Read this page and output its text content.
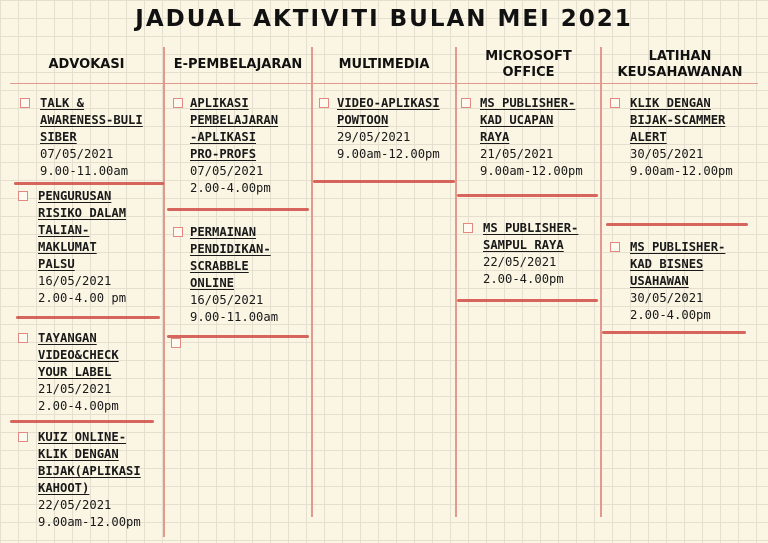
JADUAL AKTIVITI BULAN MEI 2021
ADVOKASI
TALK &
AWARENESS-BULI
SIBER
07/05/2021
9.00-11.00am
PENGURUSAN
RISIKO DALAM
TALIAN-
MAKLUMAT
PALSU
16/05/2021
2.00-4.00 pm
TAYANGAN
VIDEO&CHECK
YOUR LABEL
21/05/2021
2.00-4.00pm
KUIZ ONLINE-
KLIK DENGAN
BIJAK(APLIKASI
KAHOOT)
22/05/2021
9.00am-12.00pm
E-PEMBELAJARAN
APLIKASI
PEMBELAJARAN
-APLIKASI
PRO-PROFS
07/05/2021
2.00-4.00pm
PERMAINAN
PENDIDIKAN-
SCRABBLE
ONLINE
16/05/2021
9.00-11.00am
MULTIMEDIA
VIDEO-APLIKASI
POWTOON
29/05/2021
9.00am-12.00pm
MICROSOFT OFFICE
MS PUBLISHER-
KAD UCAPAN
RAYA
21/05/2021
9.00am-12.00pm
MS PUBLISHER-
SAMPUL RAYA
22/05/2021
2.00-4.00pm
LATIHAN KEUSAHAWANAN
KLIK DENGAN
BIJAK-SCAMMER
ALERT
30/05/2021
9.00am-12.00pm
MS PUBLISHER-
KAD BISNES
USAHAWAN
30/05/2021
2.00-4.00pm
